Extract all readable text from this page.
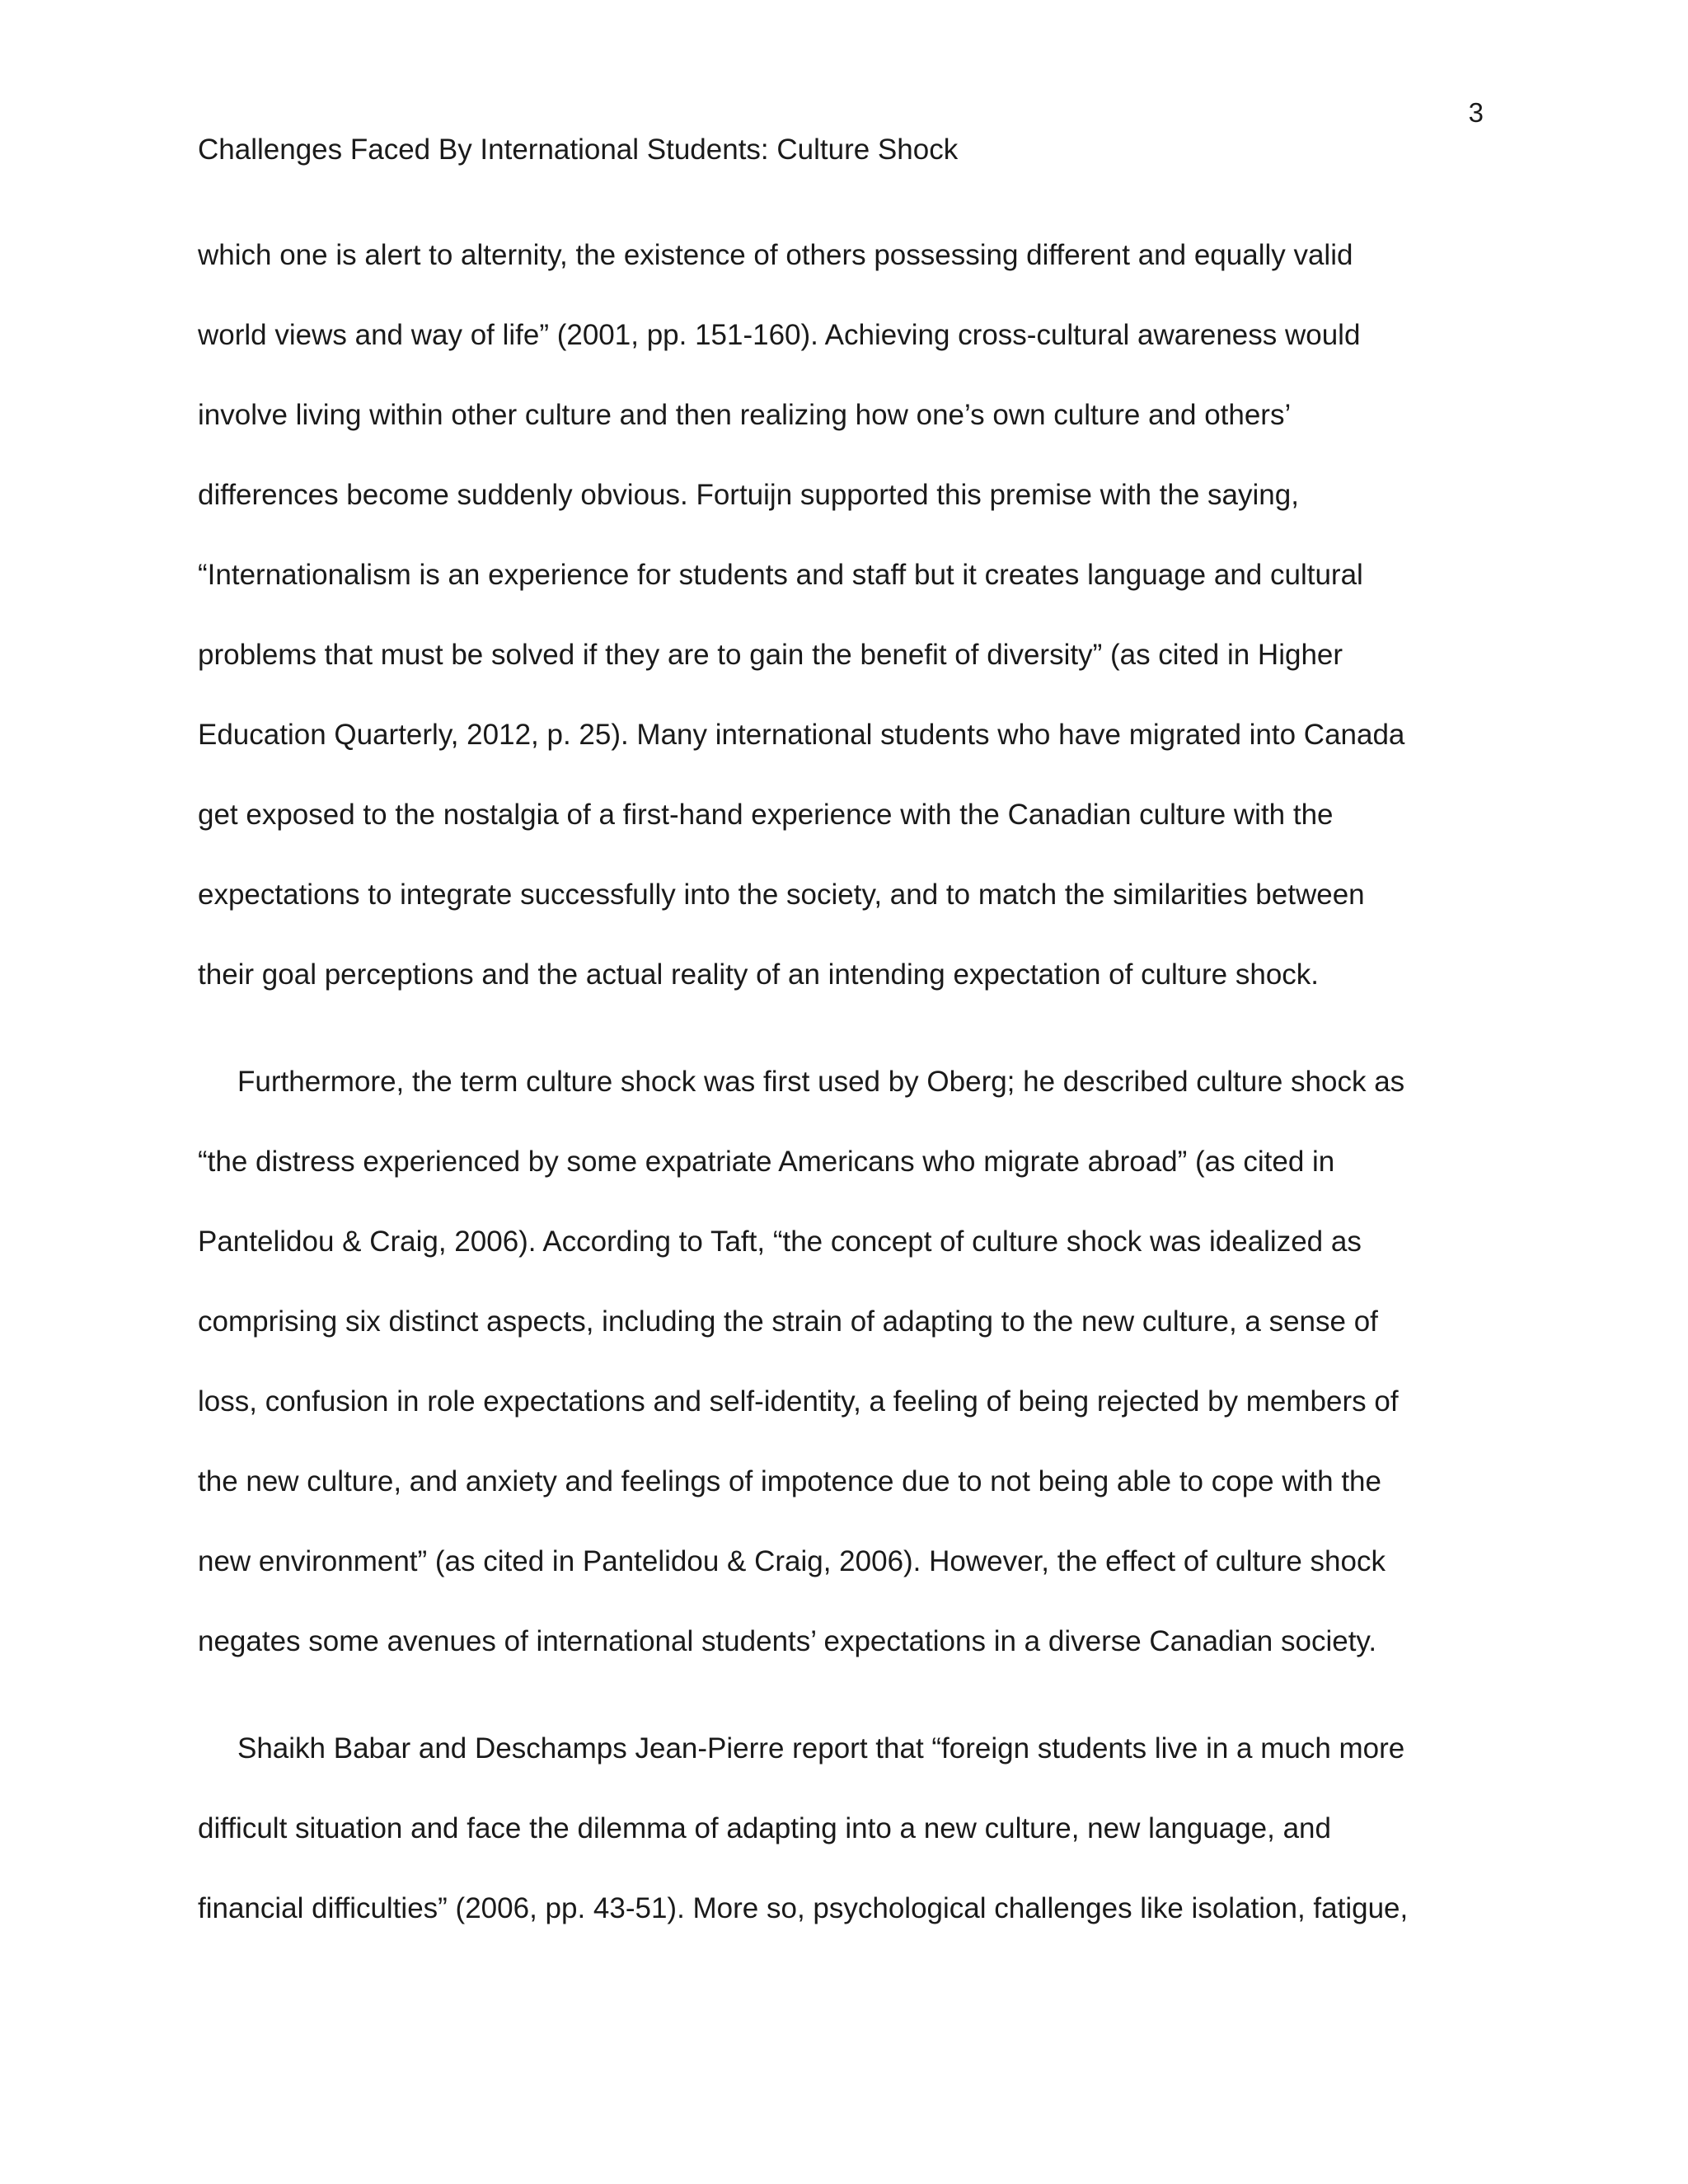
3
Challenges Faced By International Students: Culture Shock
which one is alert to alternity, the existence of others possessing different and equally valid
world views and way of life” (2001, pp. 151-160). Achieving cross-cultural awareness would
involve living within other culture and then realizing how one’s own culture and others’
differences become suddenly obvious. Fortuijn supported this premise with the saying,
“Internationalism is an experience for students and staff but it creates language and cultural
problems that must be solved if they are to gain the benefit of diversity” (as cited in Higher
Education Quarterly, 2012, p. 25). Many international students who have migrated into Canada
get exposed to the nostalgia of a first-hand experience with the Canadian culture with the
expectations to integrate successfully into the society, and to match the similarities between
their goal perceptions and the actual reality of an intending expectation of culture shock.
Furthermore, the term culture shock was first used by Oberg; he described culture shock as
“the distress experienced by some expatriate Americans who migrate abroad” (as cited in
Pantelidou & Craig, 2006). According to Taft, “the concept of culture shock was idealized as
comprising six distinct aspects, including the strain of adapting to the new culture, a sense of
loss, confusion in role expectations and self-identity, a feeling of being rejected by members of
the new culture, and anxiety and feelings of impotence due to not being able to cope with the
new environment” (as cited in Pantelidou & Craig, 2006). However, the effect of culture shock
negates some avenues of international students’ expectations in a diverse Canadian society.
Shaikh Babar and Deschamps Jean-Pierre report that “foreign students live in a much more
difficult situation and face the dilemma of adapting into a new culture, new language, and
financial difficulties” (2006, pp. 43-51). More so, psychological challenges like isolation, fatigue,
